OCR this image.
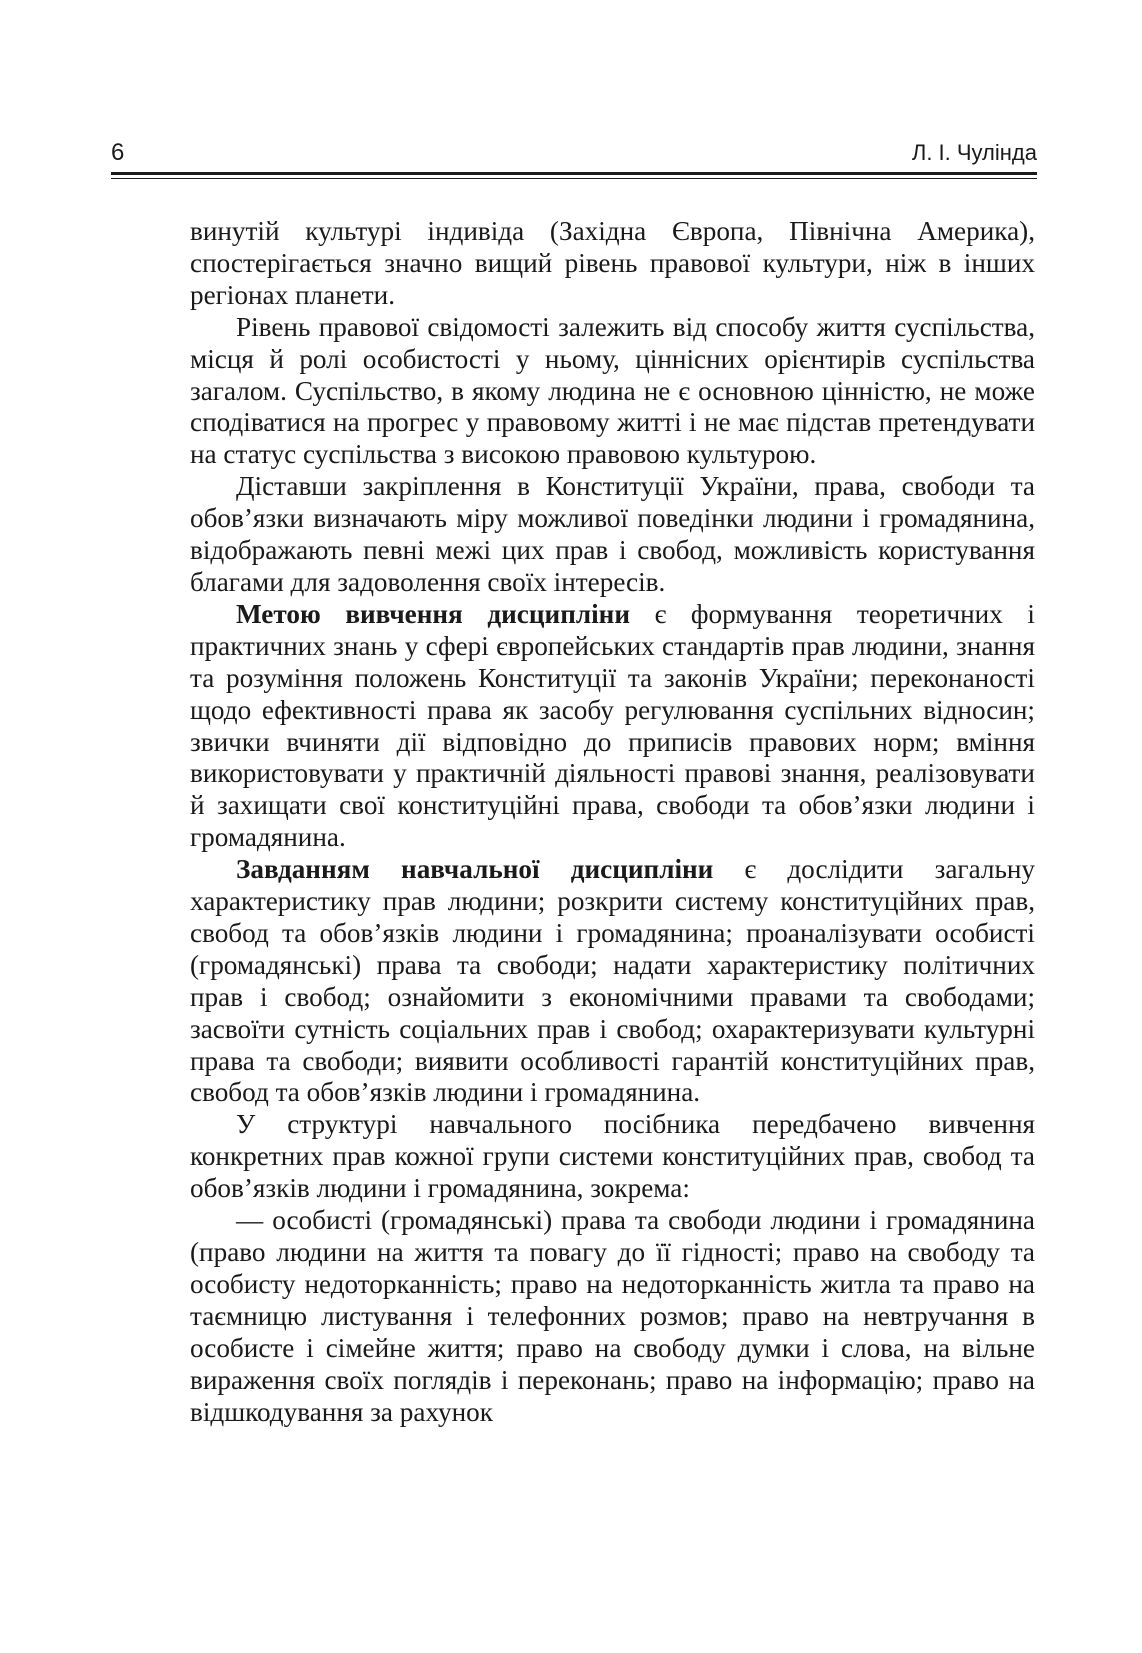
6	Л. І. Чулінда

винутій культурі індивіда (Західна Європа, Північна Америка), спостерігається значно вищий рівень правової культури, ніж в інших регіонах планети.

Рівень правової свідомості залежить від способу життя суспільства, місця й ролі особистості у ньому, ціннісних орієнтирів суспільства загалом. Суспільство, в якому людина не є основною цінністю, не може сподіватися на прогрес у правовому житті і не має підстав претендувати на статус суспільства з високою правовою культурою.

Діставши закріплення в Конституції України, права, свободи та обов’язки визначають міру можливої поведінки людини і громадянина, відображають певні межі цих прав і свобод, можливість користування благами для задоволення своїх інтересів.

Метою вивчення дисципліни є формування теоретичних і практичних знань у сфері європейських стандартів прав людини, знання та розуміння положень Конституції та законів України; переконаності щодо ефективності права як засобу регулювання суспільних відносин; звички вчиняти дії відповідно до приписів правових норм; вміння використовувати у практичній діяльності правові знання, реалізовувати й захищати свої конституційні права, свободи та обов’язки людини і громадянина.

Завданням навчальної дисципліни є дослідити загальну характеристику прав людини; розкрити систему конституційних прав, свобод та обов’язків людини і громадянина; проаналізувати особисті (громадянські) права та свободи; надати характеристику політичних прав і свобод; ознайомити з економічними правами та свободами; засвоїти сутність соціальних прав і свобод; охарактеризувати культурні права та свободи; виявити особливості гарантій конституційних прав, свобод та обов’язків людини і громадянина.

У структурі навчального посібника передбачено вивчення конкретних прав кожної групи системи конституційних прав, свобод та обов’язків людини і громадянина, зокрема:

— особисті (громадянські) права та свободи людини і громадянина (право людини на життя та повагу до її гідності; право на свободу та особисту недоторканність; право на недоторканність житла та право на таємницю листування і телефонних розмов; право на невтручання в особисте і сімейне життя; право на свободу думки і слова, на вільне вираження своїх поглядів і переконань; право на інформацію; право на відшкодування за рахунок
